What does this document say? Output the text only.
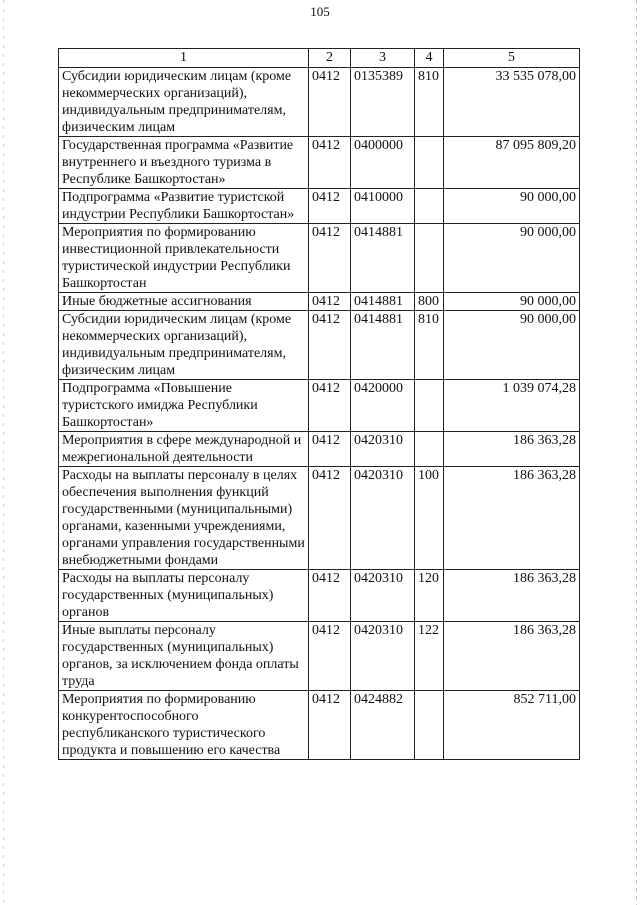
105
1	2	3	4	5
Субсидии юридическим лицам (кроме некоммерческих организаций), индивидуальным предпринимателям, физическим лицам	0412	0135389	810	33 535 078,00
Государственная программа «Развитие внутреннего и въездного туризма в Республике Башкортостан»	0412	0400000		87 095 809,20
Подпрограмма «Развитие туристской индустрии Республики Башкортостан»	0412	0410000		90 000,00
Мероприятия по формированию инвестиционной привлекательности туристической индустрии Республики Башкортостан	0412	0414881		90 000,00
Иные бюджетные ассигнования	0412	0414881	800	90 000,00
Субсидии юридическим лицам (кроме некоммерческих организаций), индивидуальным предпринимателям, физическим лицам	0412	0414881	810	90 000,00
Подпрограмма «Повышение туристского имиджа Республики Башкортостан»	0412	0420000		1 039 074,28
Мероприятия в сфере международной и межрегиональной деятельности	0412	0420310		186 363,28
Расходы на выплаты персоналу в целях обеспечения выполнения функций государственными (муниципальными) органами, казенными учреждениями, органами управления государственными внебюджетными фондами	0412	0420310	100	186 363,28
Расходы на выплаты персоналу государственных (муниципальных) органов	0412	0420310	120	186 363,28
Иные выплаты персоналу государственных (муниципальных) органов, за исключением фонда оплаты труда	0412	0420310	122	186 363,28
Мероприятия по формированию конкурентоспособного республиканского туристического продукта и повышению его качества	0412	0424882		852 711,00
